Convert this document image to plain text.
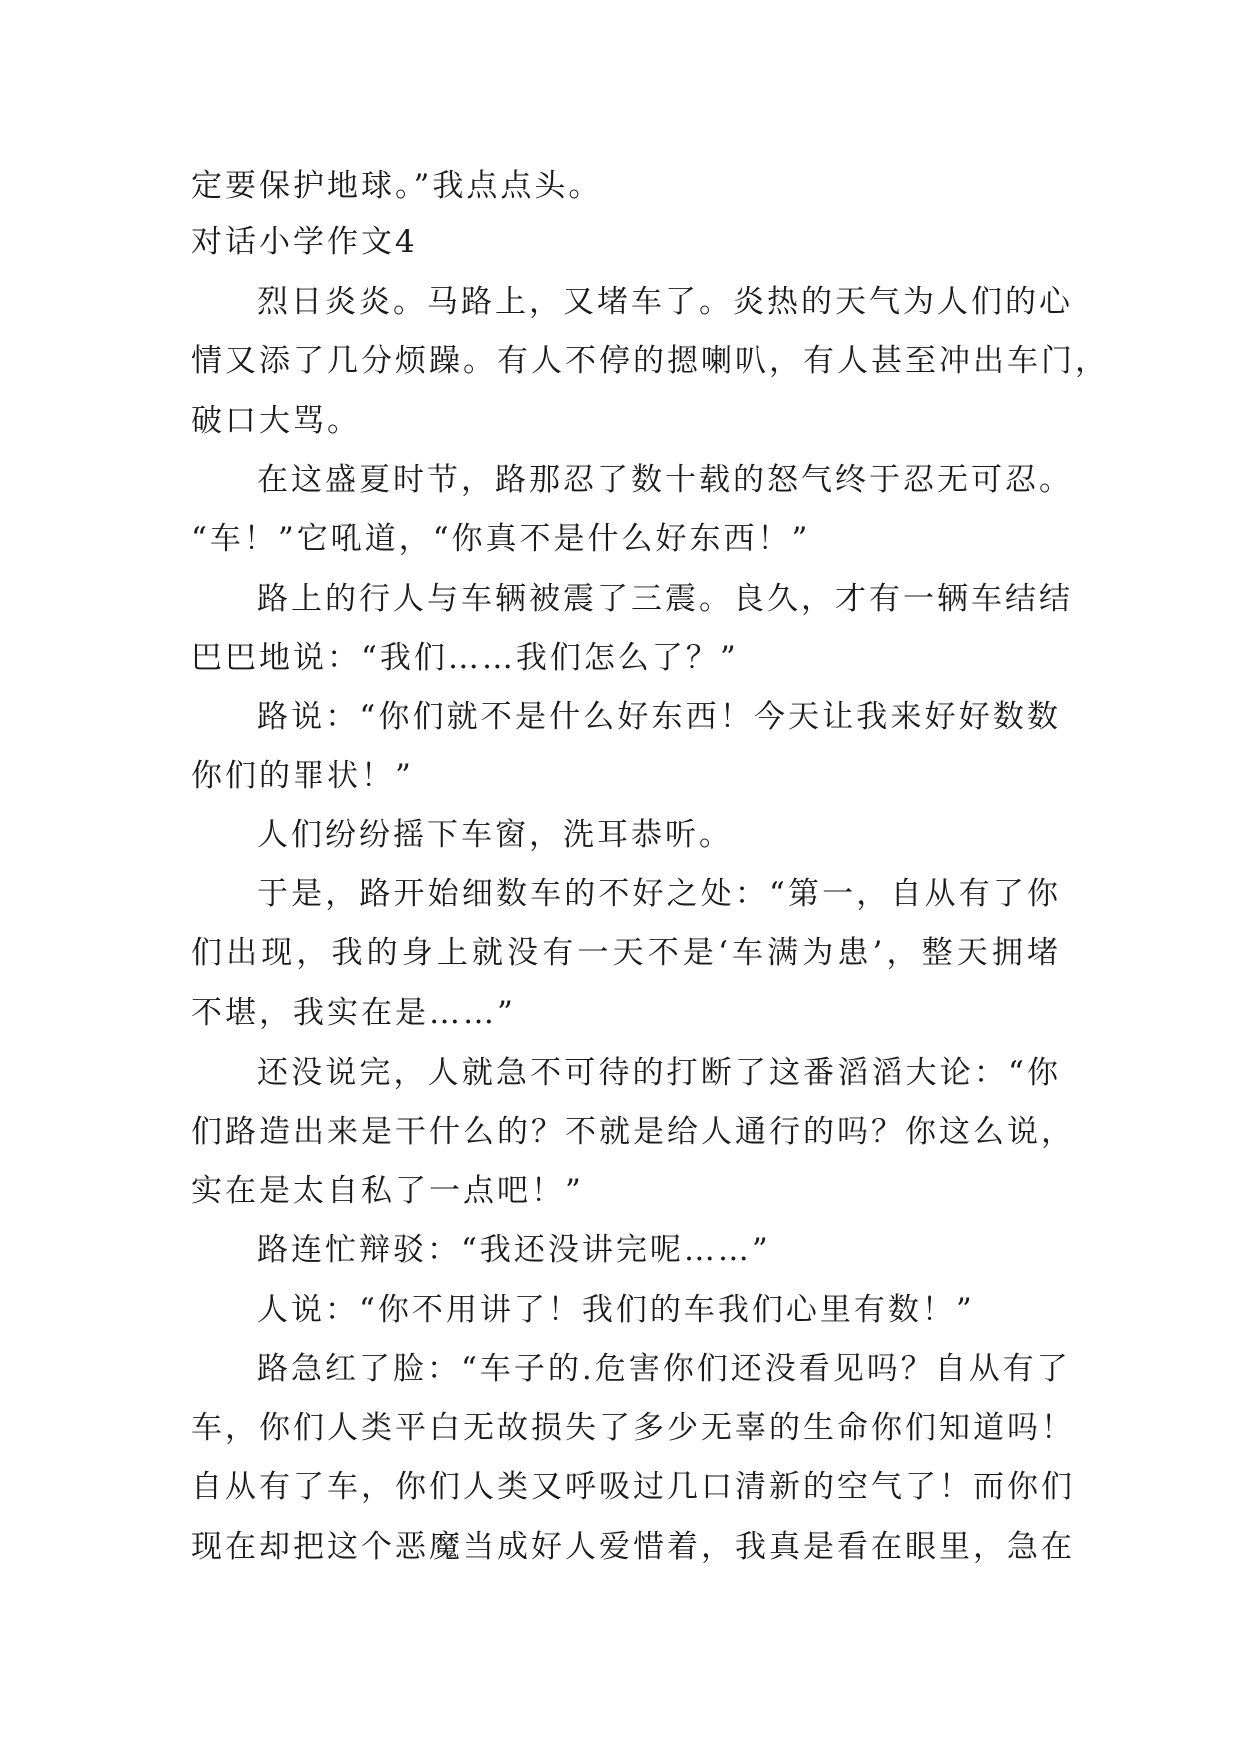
定要保护地球。”我点点头。
对话小学作文4
烈日炎炎。马路上，又堵车了。炎热的天气为人们的心
情又添了几分烦躁。有人不停的摁喇叭，有人甚至冲出车门，
破口大骂。
在这盛夏时节，路那忍了数十载的怒气终于忍无可忍。
“车！”它吼道，“你真不是什么好东西！”
路上的行人与车辆被震了三震。良久，才有一辆车结结
巴巴地说：“我们……我们怎么了？”
路说：“你们就不是什么好东西！今天让我来好好数数
你们的罪状！”
人们纷纷摇下车窗，洗耳恭听。
于是，路开始细数车的不好之处：“第一，自从有了你
们出现，我的身上就没有一天不是‘车满为患’，整天拥堵
不堪，我实在是……”
还没说完，人就急不可待的打断了这番滔滔大论：“你
们路造出来是干什么的？不就是给人通行的吗？你这么说，
实在是太自私了一点吧！”
路连忙辩驳：“我还没讲完呢……”
人说：“你不用讲了！我们的车我们心里有数！”
路急红了脸：“车子的.危害你们还没看见吗？自从有了
车，你们人类平白无故损失了多少无辜的生命你们知道吗！
自从有了车，你们人类又呼吸过几口清新的空气了！而你们
现在却把这个恶魔当成好人爱惜着，我真是看在眼里，急在
